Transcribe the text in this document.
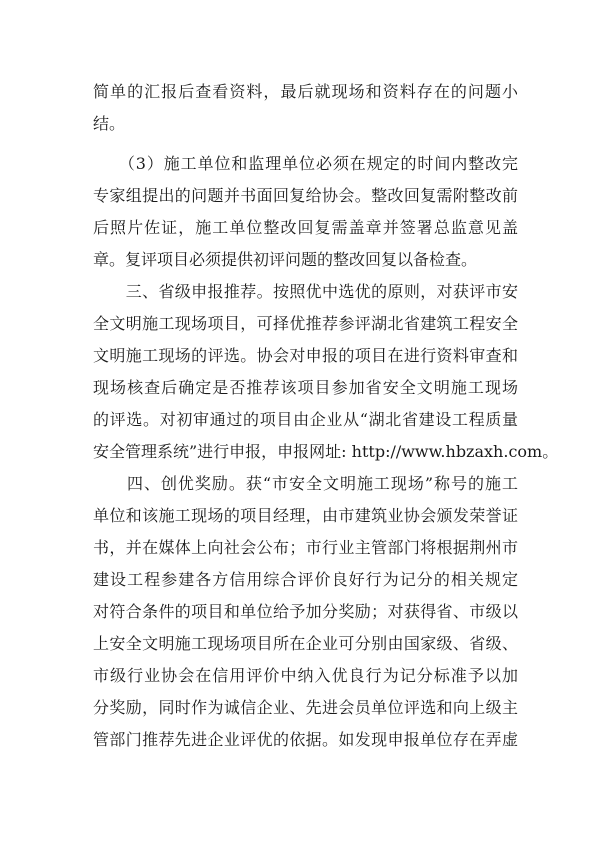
简单的汇报后查看资料，最后就现场和资料存在的问题小
结。

　　（3）施工单位和监理单位必须在规定的时间内整改完
专家组提出的问题并书面回复给协会。整改回复需附整改前
后照片佐证，施工单位整改回复需盖章并签署总监意见盖
章。复评项目必须提供初评问题的整改回复以备检查。

　　三、省级申报推荐。按照优中选优的原则，对获评市安
全文明施工现场项目，可择优推荐参评湖北省建筑工程安全
文明施工现场的评选。协会对申报的项目在进行资料审查和
现场核查后确定是否推荐该项目参加省安全文明施工现场
的评选。对初审通过的项目由企业从“湖北省建设工程质量
安全管理系统”进行申报，申报网址: http://www.hbzaxh.com。

　　四、创优奖励。获“市安全文明施工现场”称号的施工
单位和该施工现场的项目经理，由市建筑业协会颁发荣誉证
书，并在媒体上向社会公布；市行业主管部门将根据荆州市
建设工程参建各方信用综合评价良好行为记分的相关规定
对符合条件的项目和单位给予加分奖励；对获得省、市级以
上安全文明施工现场项目所在企业可分别由国家级、省级、
市级行业协会在信用评价中纳入优良行为记分标准予以加
分奖励，同时作为诚信企业、先进会员单位评选和向上级主
管部门推荐先进企业评优的依据。如发现申报单位存在弄虚
